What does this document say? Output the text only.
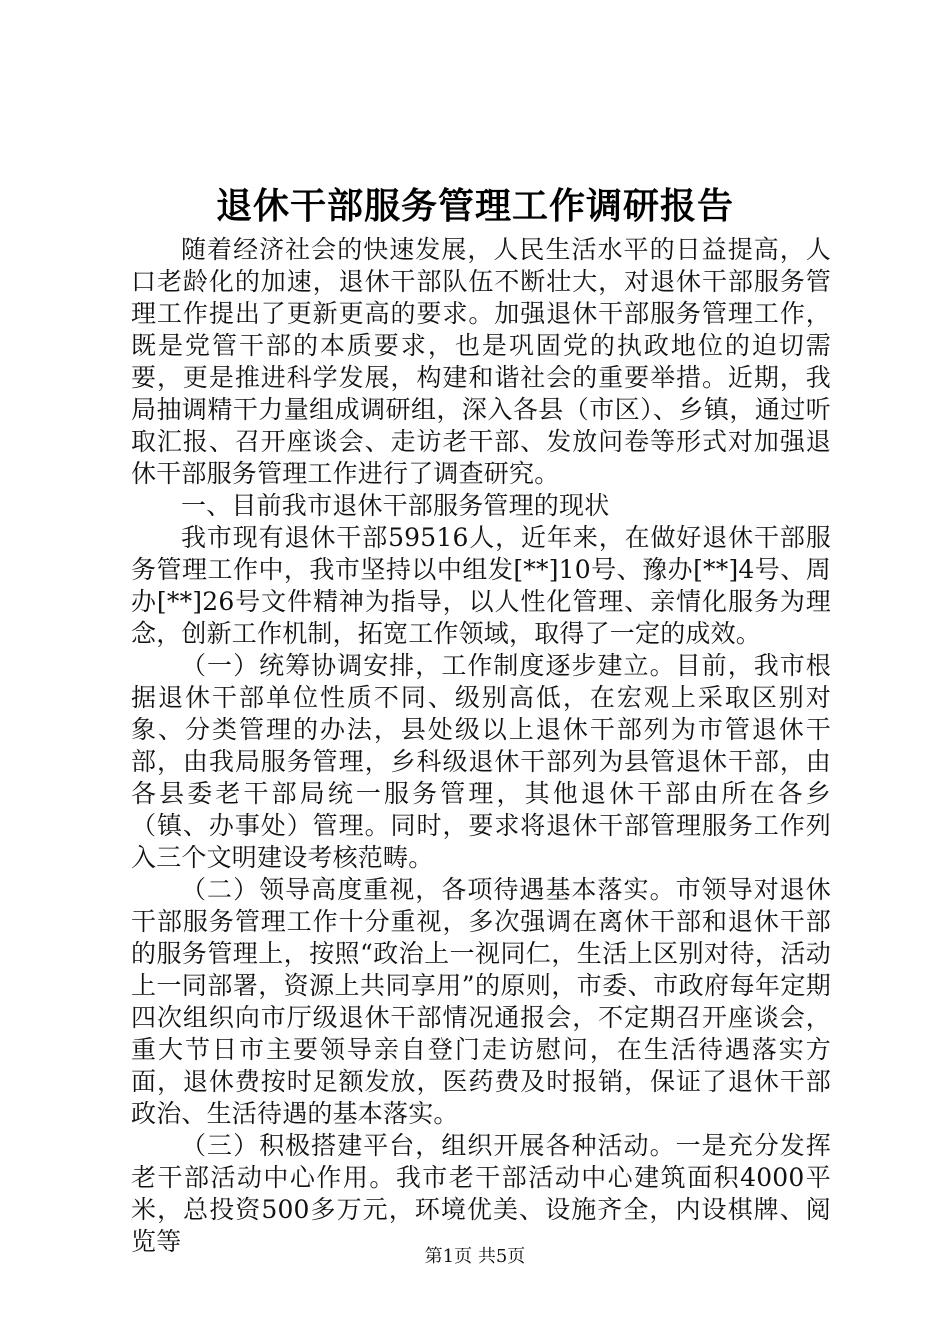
退休干部服务管理工作调研报告

随着经济社会的快速发展，人民生活水平的日益提高，人口老龄化的加速，退休干部队伍不断壮大，对退休干部服务管理工作提出了更新更高的要求。加强退休干部服务管理工作，既是党管干部的本质要求，也是巩固党的执政地位的迫切需要，更是推进科学发展，构建和谐社会的重要举措。近期，我局抽调精干力量组成调研组，深入各县（市区）、乡镇，通过听取汇报、召开座谈会、走访老干部、发放问卷等形式对加强退休干部服务管理工作进行了调查研究。

一、目前我市退休干部服务管理的现状

我市现有退休干部59516人，近年来，在做好退休干部服务管理工作中，我市坚持以中组发[**]10号、豫办[**]4号、周办[**]26号文件精神为指导，以人性化管理、亲情化服务为理念，创新工作机制，拓宽工作领域，取得了一定的成效。

（一）统筹协调安排，工作制度逐步建立。目前，我市根据退休干部单位性质不同、级别高低，在宏观上采取区别对象、分类管理的办法，县处级以上退休干部列为市管退休干部，由我局服务管理，乡科级退休干部列为县管退休干部，由各县委老干部局统一服务管理，其他退休干部由所在各乡（镇、办事处）管理。同时，要求将退休干部管理服务工作列入三个文明建设考核范畴。

（二）领导高度重视，各项待遇基本落实。市领导对退休干部服务管理工作十分重视，多次强调在离休干部和退休干部的服务管理上，按照“政治上一视同仁，生活上区别对待，活动上一同部署，资源上共同享用”的原则，市委、市政府每年定期四次组织向市厅级退休干部情况通报会，不定期召开座谈会，重大节日市主要领导亲自登门走访慰问，在生活待遇落实方面，退休费按时足额发放，医药费及时报销，保证了退休干部政治、生活待遇的基本落实。

（三）积极搭建平台，组织开展各种活动。一是充分发挥老干部活动中心作用。我市老干部活动中心建筑面积4000平米，总投资500多万元，环境优美、设施齐全，内设棋牌、阅览等

第1页 共5页
